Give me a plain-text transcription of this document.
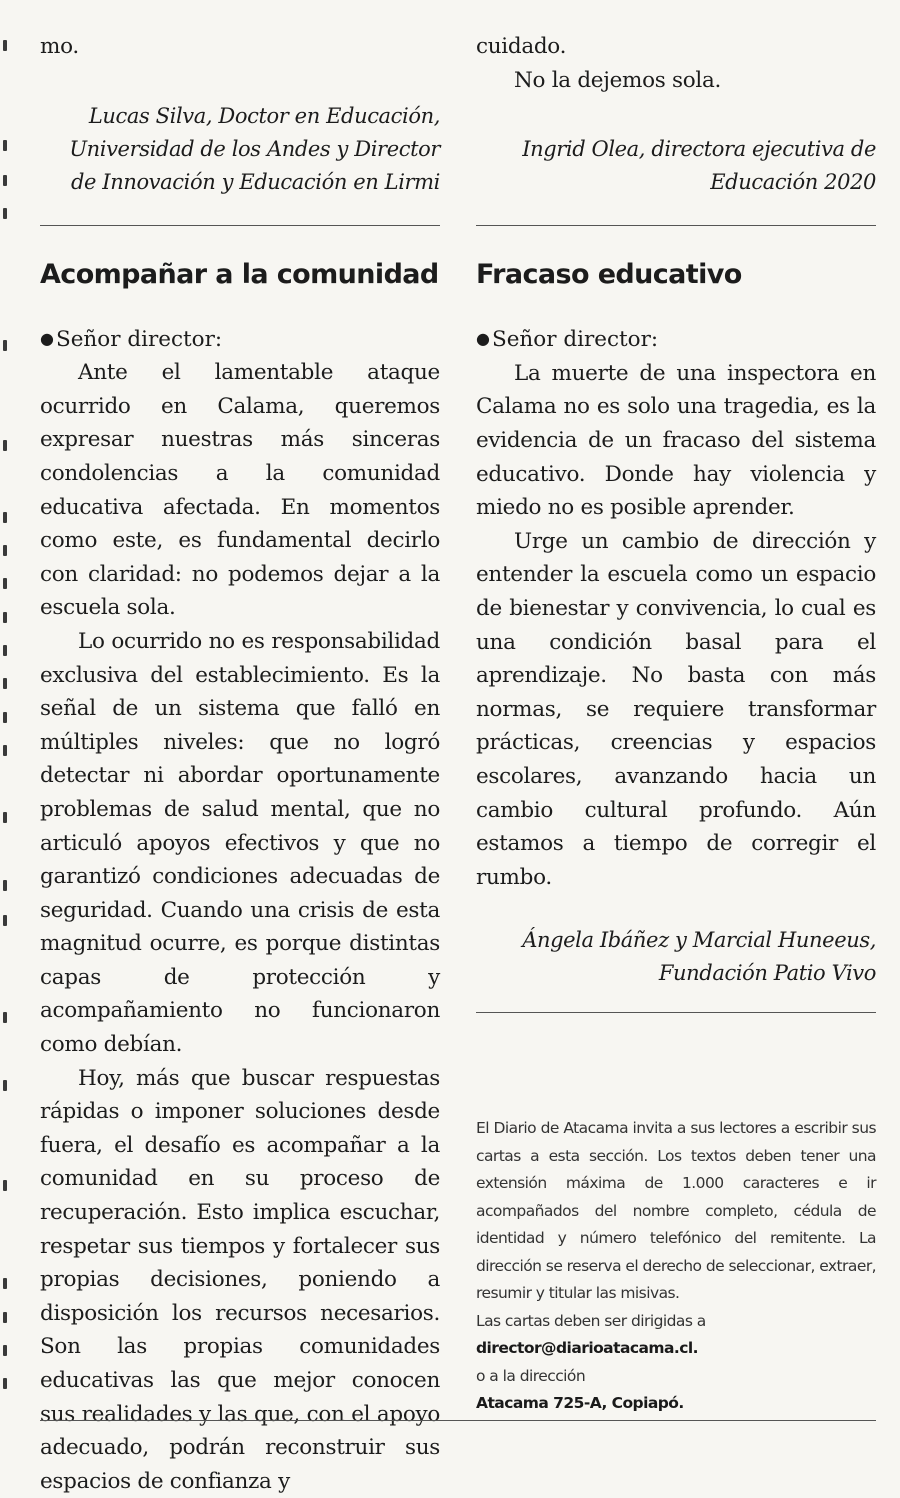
mo.

Lucas Silva, Doctor en Educación,

Universidad de los Andes y Director

de Innovación y Educación en Lirmi

Acompañar a la comunidad

●Señor director:

Ante el lamentable ataque ocurrido en Calama, queremos expresar nuestras más sinceras condolencias a la comunidad educativa afectada. En momentos como este, es fundamental decirlo con claridad: no podemos dejar a la escuela sola.

Lo ocurrido no es responsabilidad exclusiva del establecimiento. Es la señal de un sistema que falló en múltiples niveles: que no logró detectar ni abordar oportunamente problemas de salud mental, que no articuló apoyos efectivos y que no garantizó condiciones adecuadas de seguridad. Cuando una crisis de esta magnitud ocurre, es porque distintas capas de protección y acompañamiento no funcionaron como debían.

Hoy, más que buscar respuestas rápidas o imponer soluciones desde fuera, el desafío es acompañar a la comunidad en su proceso de recuperación. Esto implica escuchar, respetar sus tiempos y fortalecer sus propias decisiones, poniendo a disposición los recursos necesarios. Son las propias comunidades educativas las que mejor conocen sus realidades y las que, con el apoyo adecuado, podrán reconstruir sus espacios de confianza y

cuidado.

No la dejemos sola.

Ingrid Olea, directora ejecutiva de

Educación 2020

Fracaso educativo

●Señor director:

La muerte de una inspectora en Calama no es solo una tragedia, es la evidencia de un fracaso del sistema educativo. Donde hay violencia y miedo no es posible aprender.

Urge un cambio de dirección y entender la escuela como un espacio de bienestar y convivencia, lo cual es una condición basal para el aprendizaje. No basta con más normas, se requiere transformar prácticas, creencias y espacios escolares, avanzando hacia un cambio cultural profundo. Aún estamos a tiempo de corregir el rumbo.

Ángela Ibáñez y Marcial Huneeus,

Fundación Patio Vivo

El Diario de Atacama invita a sus lectores a escribir sus cartas a esta sección. Los textos deben tener una extensión máxima de 1.000 caracteres e ir acompañados del nombre completo, cédula de identidad y número telefónico del remitente. La dirección se reserva el derecho de seleccionar, extraer, resumir y titular las misivas.

Las cartas deben ser dirigidas a

director@diarioatacama.cl.

o a la dirección

Atacama 725-A, Copiapó.
